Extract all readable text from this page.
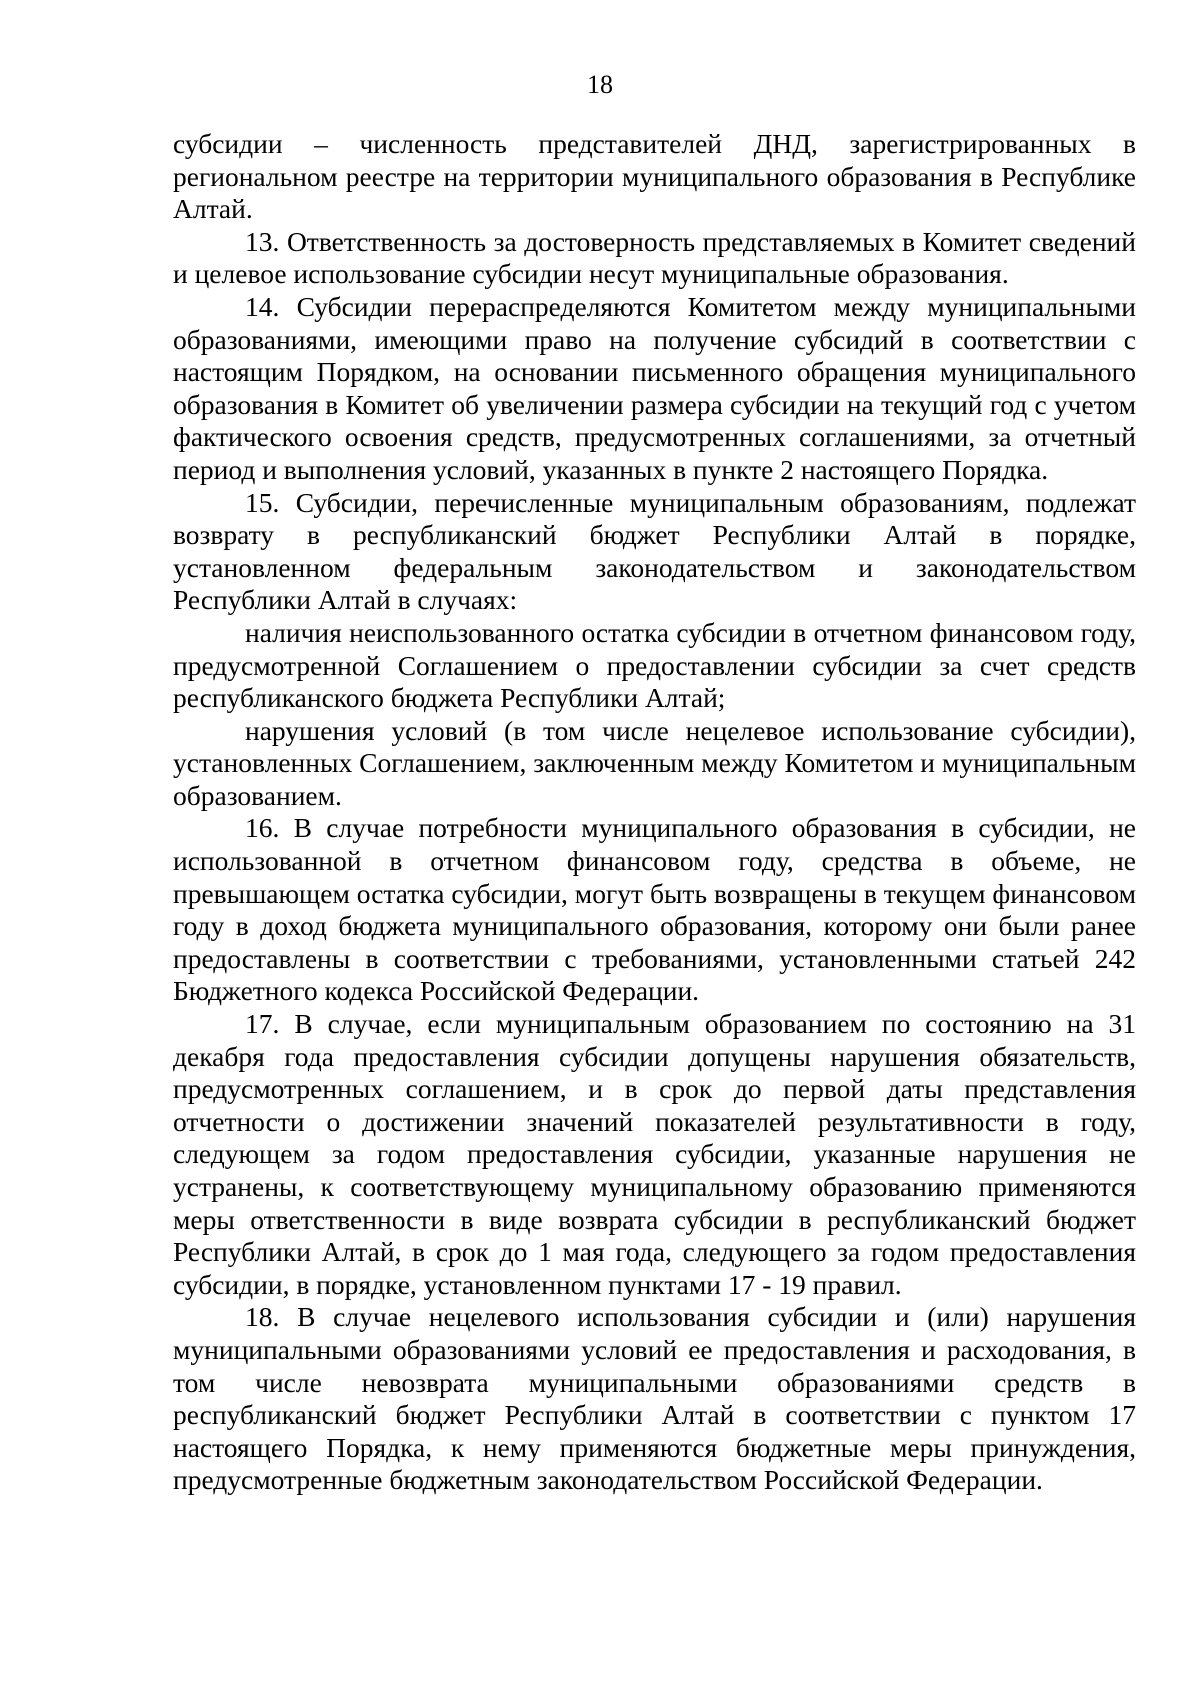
18

субсидии – численность представителей ДНД, зарегистрированных в региональном реестре на территории муниципального образования в Республике Алтай.

13. Ответственность за достоверность представляемых в Комитет сведений и целевое использование субсидии несут муниципальные образования.

14. Субсидии перераспределяются Комитетом между муниципальными образованиями, имеющими право на получение субсидий в соответствии с настоящим Порядком, на основании письменного обращения муниципального образования в Комитет об увеличении размера субсидии на текущий год с учетом фактического освоения средств, предусмотренных соглашениями, за отчетный период и выполнения условий, указанных в пункте 2 настоящего Порядка.

15. Субсидии, перечисленные муниципальным образованиям, подлежат возврату в республиканский бюджет Республики Алтай в порядке, установленном федеральным законодательством и законодательством Республики Алтай в случаях:

наличия неиспользованного остатка субсидии в отчетном финансовом году, предусмотренной Соглашением о предоставлении субсидии за счет средств республиканского бюджета Республики Алтай;

нарушения условий (в том числе нецелевое использование субсидии), установленных Соглашением, заключенным между Комитетом и муниципальным образованием.

16. В случае потребности муниципального образования в субсидии, не использованной в отчетном финансовом году, средства в объеме, не превышающем остатка субсидии, могут быть возвращены в текущем финансовом году в доход бюджета муниципального образования, которому они были ранее предоставлены в соответствии с требованиями, установленными статьей 242 Бюджетного кодекса Российской Федерации.

17. В случае, если муниципальным образованием по состоянию на 31 декабря года предоставления субсидии допущены нарушения обязательств, предусмотренных соглашением, и в срок до первой даты представления отчетности о достижении значений показателей результативности в году, следующем за годом предоставления субсидии, указанные нарушения не устранены, к соответствующему муниципальному образованию применяются меры ответственности в виде возврата субсидии в республиканский бюджет Республики Алтай, в срок до 1 мая года, следующего за годом предоставления субсидии, в порядке, установленном пунктами 17 - 19 правил.

18. В случае нецелевого использования субсидии и (или) нарушения муниципальными образованиями условий ее предоставления и расходования, в том числе невозврата муниципальными образованиями средств в республиканский бюджет Республики Алтай в соответствии с пунктом 17 настоящего Порядка, к нему применяются бюджетные меры принуждения, предусмотренные бюджетным законодательством Российской Федерации.
